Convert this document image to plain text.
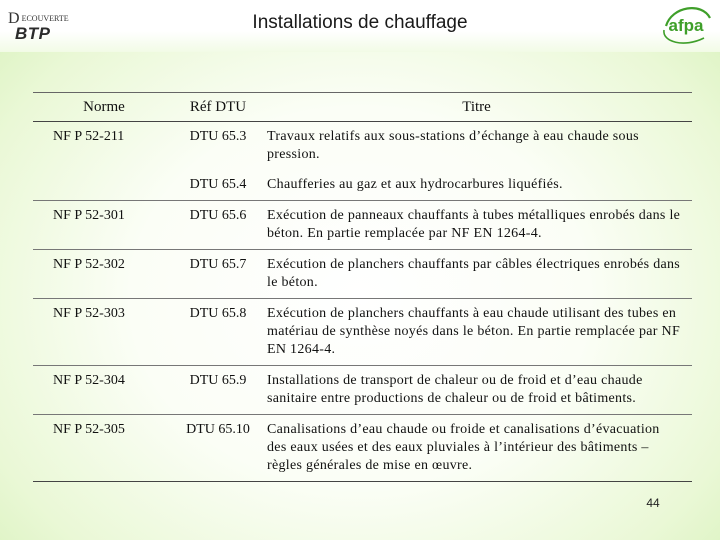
DECOUVERTE
BTP
Installations de chauffage	afpa
Norme	Réf DTU	Titre
NF P 52-211	DTU 65.3	Travaux relatifs aux sous-stations d’échange à eau chaude sous pression.
	DTU 65.4	Chaufferies au gaz et aux hydrocarbures liquéfiés.
NF P 52-301	DTU 65.6	Exécution de panneaux chauffants à tubes métalliques enrobés dans le béton. En partie remplacée par NF EN 1264-4.
NF P 52-302	DTU 65.7	Exécution de planchers chauffants par câbles électriques enrobés dans le béton.
NF P 52-303	DTU 65.8	Exécution de planchers chauffants à eau chaude utilisant des tubes en matériau de synthèse noyés dans le béton. En partie remplacée par NF EN 1264-4.
NF P 52-304	DTU 65.9	Installations de transport de chaleur ou de froid et d’eau chaude sanitaire entre productions de chaleur ou de froid et bâtiments.
NF P 52-305	DTU 65.10	Canalisations d’eau chaude ou froide et canalisations d’évacuation des eaux usées et des eaux pluviales à l’intérieur des bâtiments – règles générales de mise en œuvre.
44
